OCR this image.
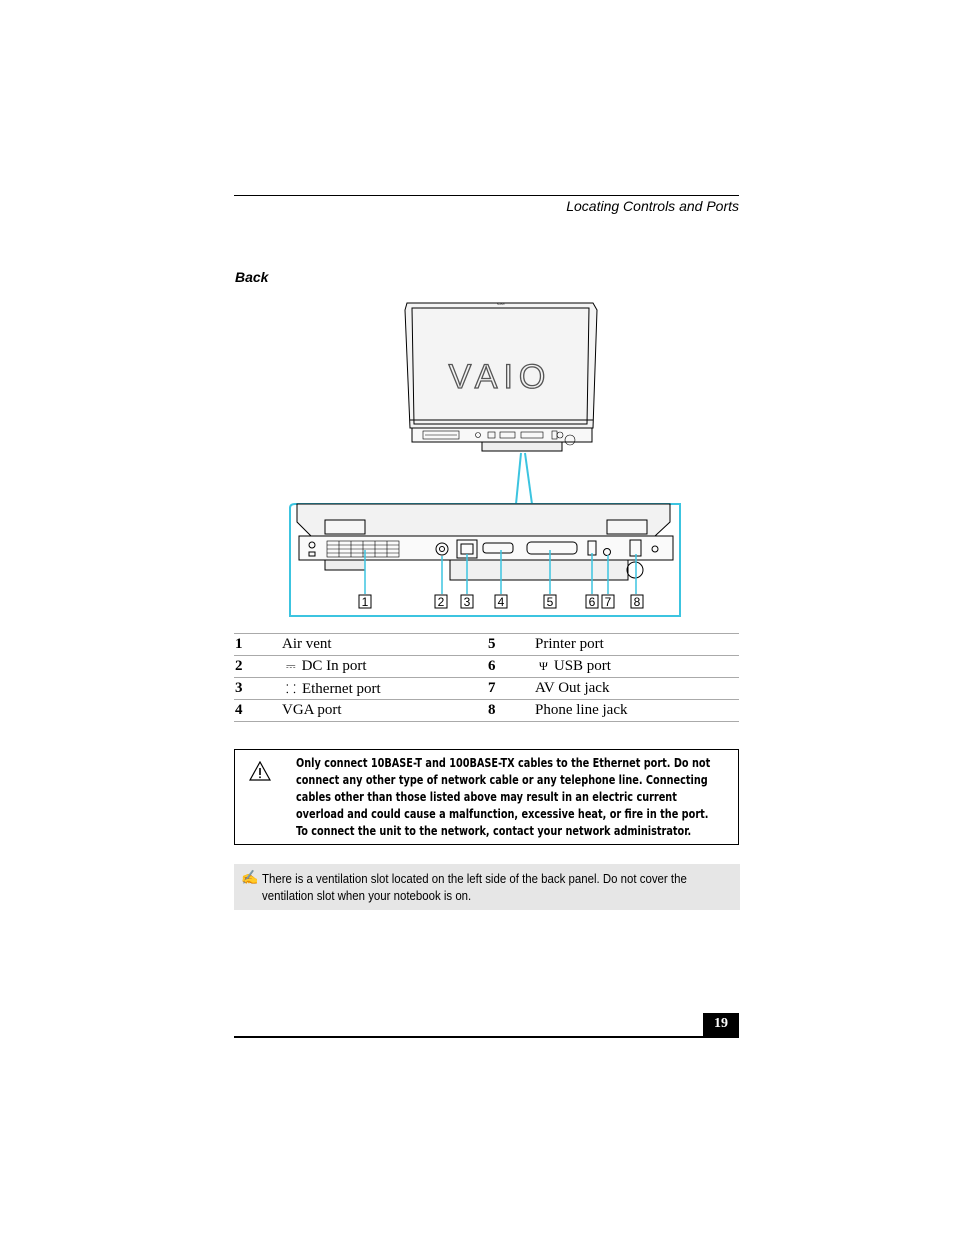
Locating Controls and Ports
Back
SONY
VAIO
1	2 3 4	5	6 7 8
1	Air vent	5	Printer port
2	⎓ DC In port	6	Ψ USB port
3	⸬ Ethernet port	7	AV Out jack
4	VGA port	8	Phone line jack
Only connect 10BASE-T and 100BASE-TX cables to the Ethernet port. Do not
connect any other type of network cable or any telephone line. Connecting
cables other than those listed above may result in an electric current
overload and could cause a malfunction, excessive heat, or fire in the port.
To connect the unit to the network, contact your network administrator.
✍ There is a ventilation slot located on the left side of the back panel. Do not cover the
ventilation slot when your notebook is on.
19
